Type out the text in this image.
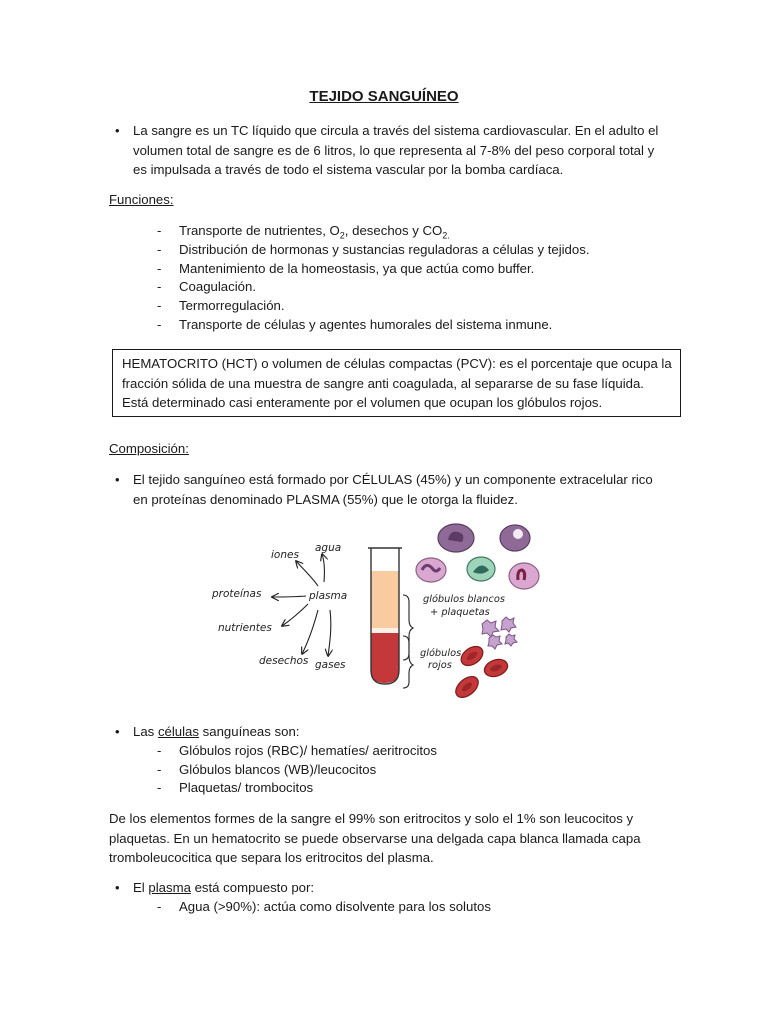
TEJIDO SANGUÍNEO
• La sangre es un TC líquido que circula a través del sistema cardiovascular. En el adulto el volumen total de sangre es de 6 litros, lo que representa al 7-8% del peso corporal total y es impulsada a través de todo el sistema vascular por la bomba cardíaca.
Funciones:
- Transporte de nutrientes, $O_2$, desechos y $CO_{2.}$
- Distribución de hormonas y sustancias reguladoras a células y tejidos.
- Mantenimiento de la homeostasis, ya que actúa como buffer.
- Coagulación.
- Termorregulación.
- Transporte de células y agentes humorales del sistema inmune.
HEMATOCRITO (HCT) o volumen de células compactas (PCV): es el porcentaje que ocupa la fracción sólida de una muestra de sangre anti coagulada, al separarse de su fase líquida. Está determinado casi enteramente por el volumen que ocupan los glóbulos rojos.
Composición:
• El tejido sanguíneo está formado por CÉLULAS (45%) y un componente extracelular rico en proteínas denominado PLASMA (55%) que le otorga la fluidez.
plasma
iones
agua
proteínas
nutrientes
desechos gases
glóbulos blancos
+ plaquetas
glóbulos
rojos
• Las células sanguíneas son:
- Glóbulos rojos (RBC)/ hematíes/ aeritrocitos
- Glóbulos blancos (WB)/leucocitos
- Plaquetas/ trombocitos
De los elementos formes de la sangre el 99% son eritrocitos y solo el 1% son leucocitos y plaquetas. En un hematocrito se puede observarse una delgada capa blanca llamada capa tromboleucocitica que separa los eritrocitos del plasma.
• El plasma está compuesto por:
- Agua (>90%): actúa como disolvente para los solutos
